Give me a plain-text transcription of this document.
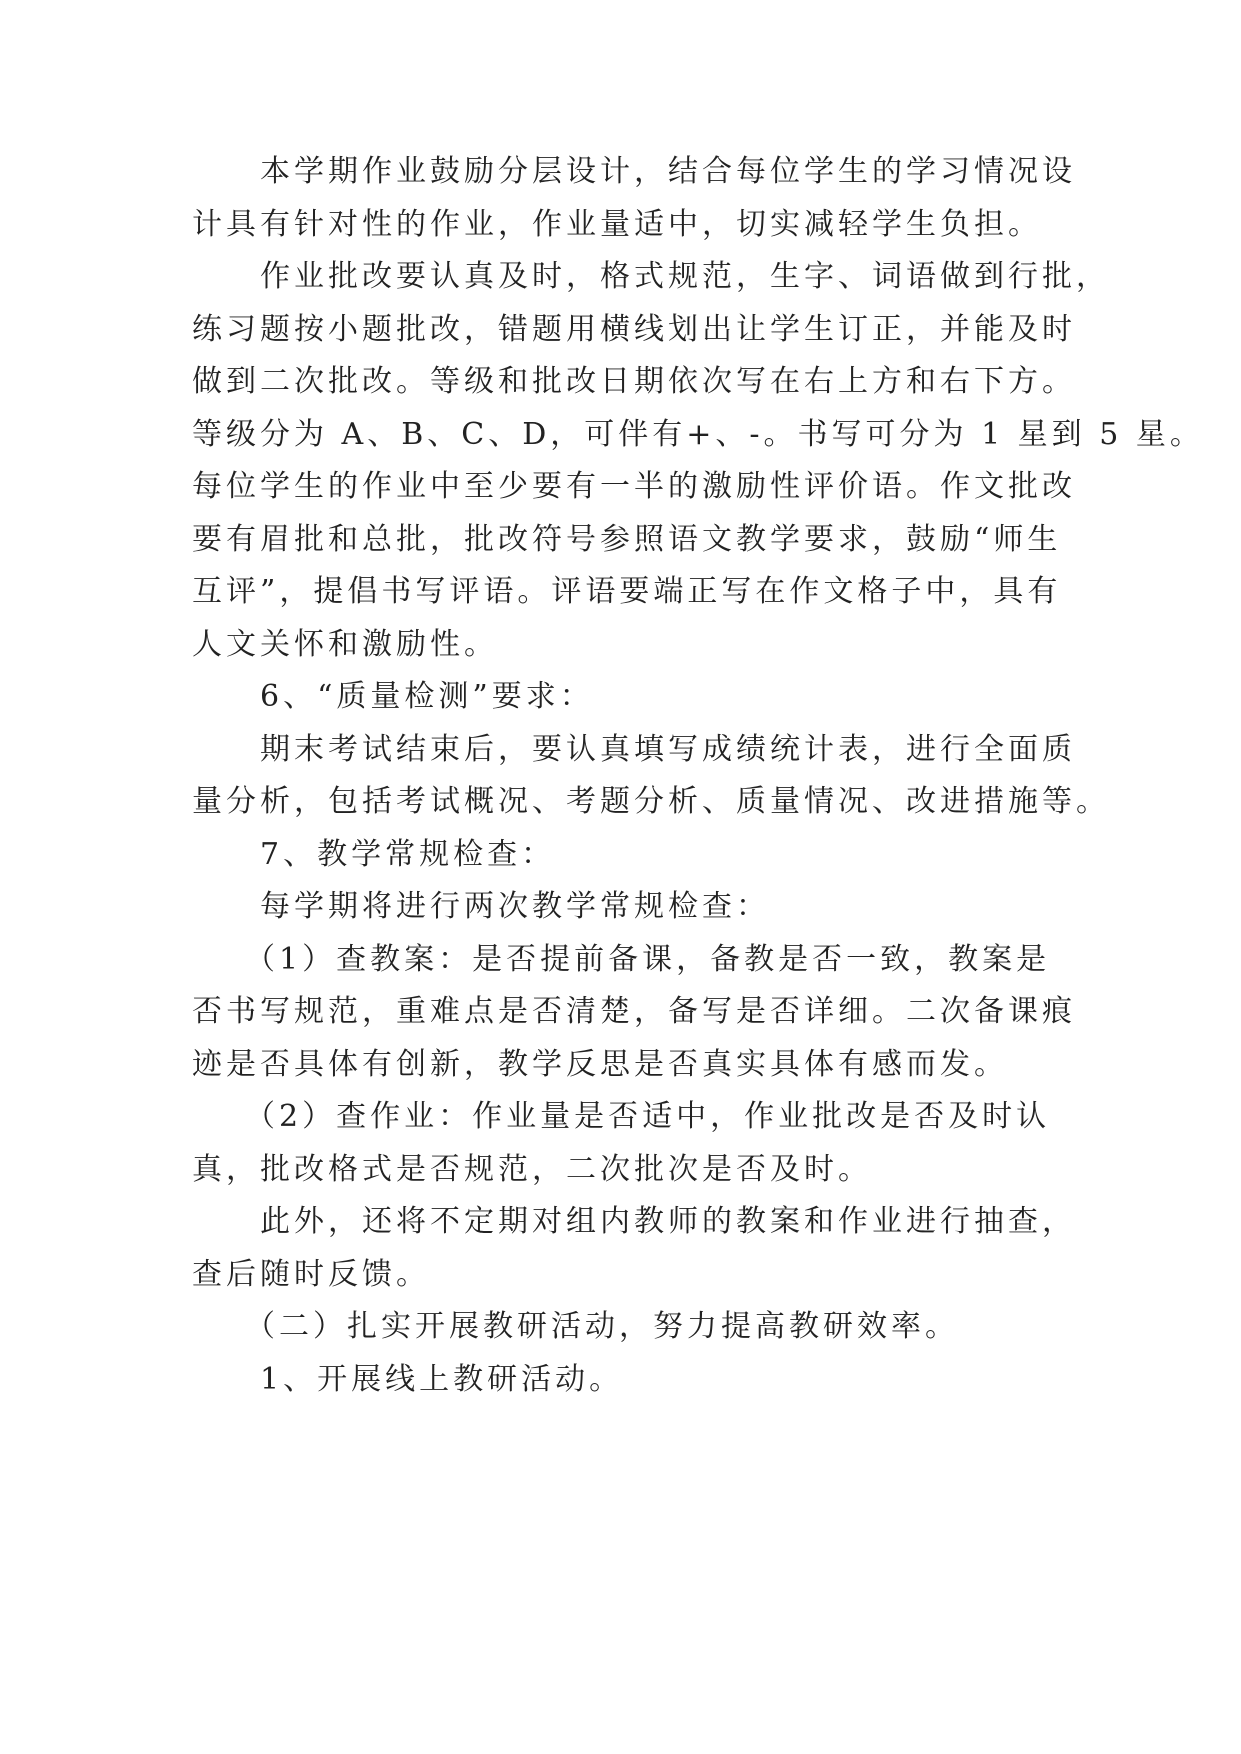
　　本学期作业鼓励分层设计，结合每位学生的学习情况设
计具有针对性的作业，作业量适中，切实减轻学生负担。
　　作业批改要认真及时，格式规范，生字、词语做到行批，
练习题按小题批改，错题用横线划出让学生订正，并能及时
做到二次批改。等级和批改日期依次写在右上方和右下方。
等级分为 A、B、C、D，可伴有+、-。书写可分为 1 星到 5 星。
每位学生的作业中至少要有一半的激励性评价语。作文批改
要有眉批和总批，批改符号参照语文教学要求，鼓励“师生
互评”，提倡书写评语。评语要端正写在作文格子中，具有
人文关怀和激励性。
　　6、“质量检测”要求：
　　期末考试结束后，要认真填写成绩统计表，进行全面质
量分析，包括考试概况、考题分析、质量情况、改进措施等。
　　7、教学常规检查：
　　每学期将进行两次教学常规检查：
　　（1）查教案：是否提前备课，备教是否一致，教案是
否书写规范，重难点是否清楚，备写是否详细。二次备课痕
迹是否具体有创新，教学反思是否真实具体有感而发。
　　（2）查作业：作业量是否适中，作业批改是否及时认
真，批改格式是否规范，二次批次是否及时。
　　此外，还将不定期对组内教师的教案和作业进行抽查，
查后随时反馈。
　　（二）扎实开展教研活动，努力提高教研效率。
　　1、开展线上教研活动。
